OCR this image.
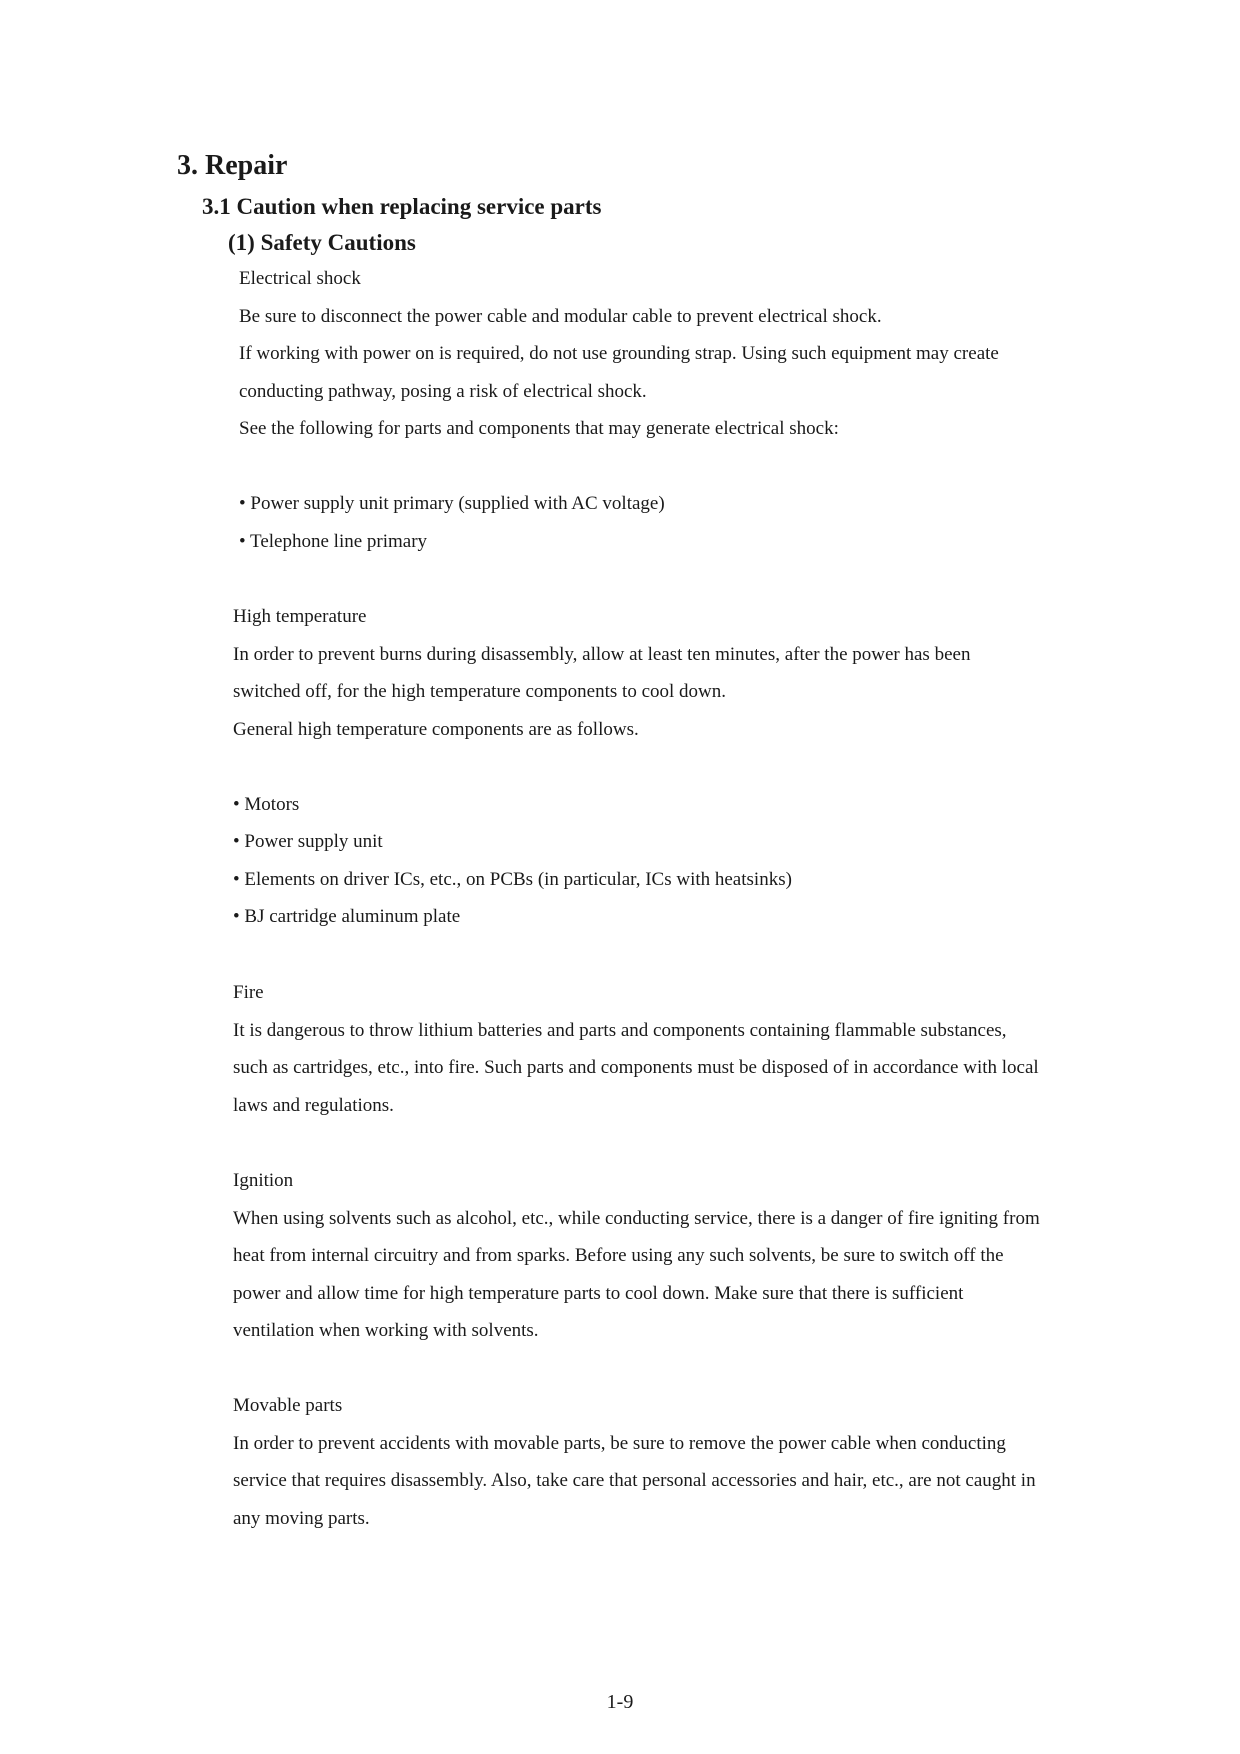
3. Repair
3.1 Caution when replacing service parts
(1) Safety Cautions
Electrical shock
Be sure to disconnect the power cable and modular cable to prevent electrical shock.
If working with power on is required, do not use grounding strap. Using such equipment may create
conducting pathway, posing a risk of electrical shock.
See the following for parts and components that may generate electrical shock:
• Power supply unit primary (supplied with AC voltage)
• Telephone line primary
High temperature
In order to prevent burns during disassembly, allow at least ten minutes, after the power has been
switched off, for the high temperature components to cool down.
General high temperature components are as follows.
• Motors
• Power supply unit
• Elements on driver ICs, etc., on PCBs (in particular, ICs with heatsinks)
• BJ cartridge aluminum plate
Fire
It is dangerous to throw lithium batteries and parts and components containing flammable substances,
such as cartridges, etc., into fire. Such parts and components must be disposed of in accordance with local
laws and regulations.
Ignition
When using solvents such as alcohol, etc., while conducting service, there is a danger of fire igniting from
heat from internal circuitry and from sparks. Before using any such solvents, be sure to switch off the
power and allow time for high temperature parts to cool down. Make sure that there is sufficient
ventilation when working with solvents.
Movable parts
In order to prevent accidents with movable parts, be sure to remove the power cable when conducting
service that requires disassembly. Also, take care that personal accessories and hair, etc., are not caught in
any moving parts.
1-9
